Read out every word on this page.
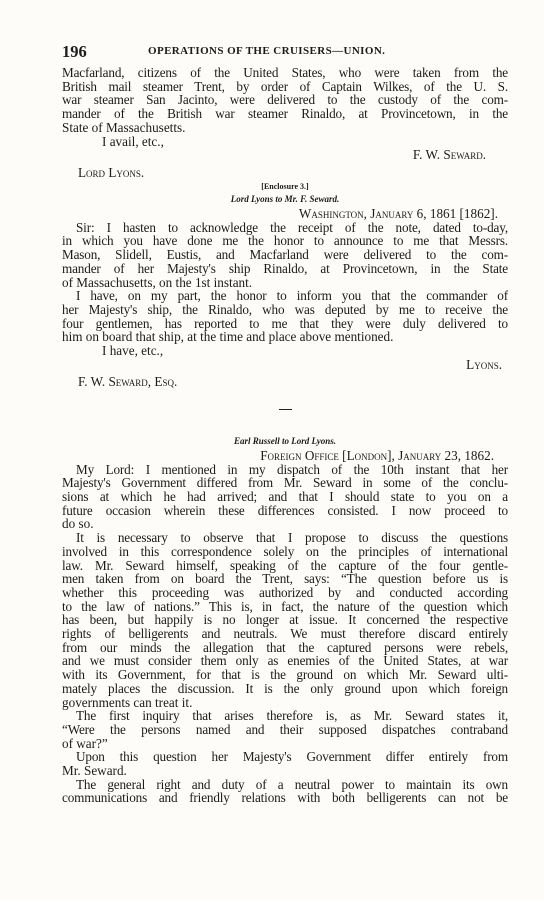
196	OPERATIONS OF THE CRUISERS—UNION.

Macfarland, citizens of the United States, who were taken from the

British mail steamer Trent, by order of Captain Wilkes, of the U. S.

war steamer San Jacinto, were delivered to the custody of the com-

mander of the British war steamer Rinaldo, at Provincetown, in the

State of Massachusetts.

I avail, etc.,

F. W. Seward.

Lord Lyons.

[Enclosure 3.]

Lord Lyons to Mr. F. Seward.

Washington, January 6, 1861 [1862].

Sir: I hasten to acknowledge the receipt of the note, dated to-day,

in which you have done me the honor to announce to me that Messrs.

Mason, Slidell, Eustis, and Macfarland were delivered to the com-

mander of her Majesty's ship Rinaldo, at Provincetown, in the State

of Massachusetts, on the 1st instant.

I have, on my part, the honor to inform you that the commander of

her Majesty's ship, the Rinaldo, who was deputed by me to receive the

four gentlemen, has reported to me that they were duly delivered to

him on board that ship, at the time and place above mentioned.

I have, etc.,

Lyons.

F. W. Seward, Esq.

Earl Russell to Lord Lyons.

Foreign Office [London], January 23, 1862.

My Lord: I mentioned in my dispatch of the 10th instant that her

Majesty's Government differed from Mr. Seward in some of the conclu-

sions at which he had arrived; and that I should state to you on a

future occasion wherein these differences consisted. I now proceed to

do so.

It is necessary to observe that I propose to discuss the questions

involved in this correspondence solely on the principles of international

law. Mr. Seward himself, speaking of the capture of the four gentle-

men taken from on board the Trent, says: “The question before us is

whether this proceeding was authorized by and conducted according

to the law of nations.” This is, in fact, the nature of the question which

has been, but happily is no longer at issue. It concerned the respective

rights of belligerents and neutrals. We must therefore discard entirely

from our minds the allegation that the captured persons were rebels,

and we must consider them only as enemies of the United States, at war

with its Government, for that is the ground on which Mr. Seward ulti-

mately places the discussion. It is the only ground upon which foreign

governments can treat it.

The first inquiry that arises therefore is, as Mr. Seward states it,

“Were the persons named and their supposed dispatches contraband

of war?”

Upon this question her Majesty's Government differ entirely from

Mr. Seward.

The general right and duty of a neutral power to maintain its own

communications and friendly relations with both belligerents can not be
